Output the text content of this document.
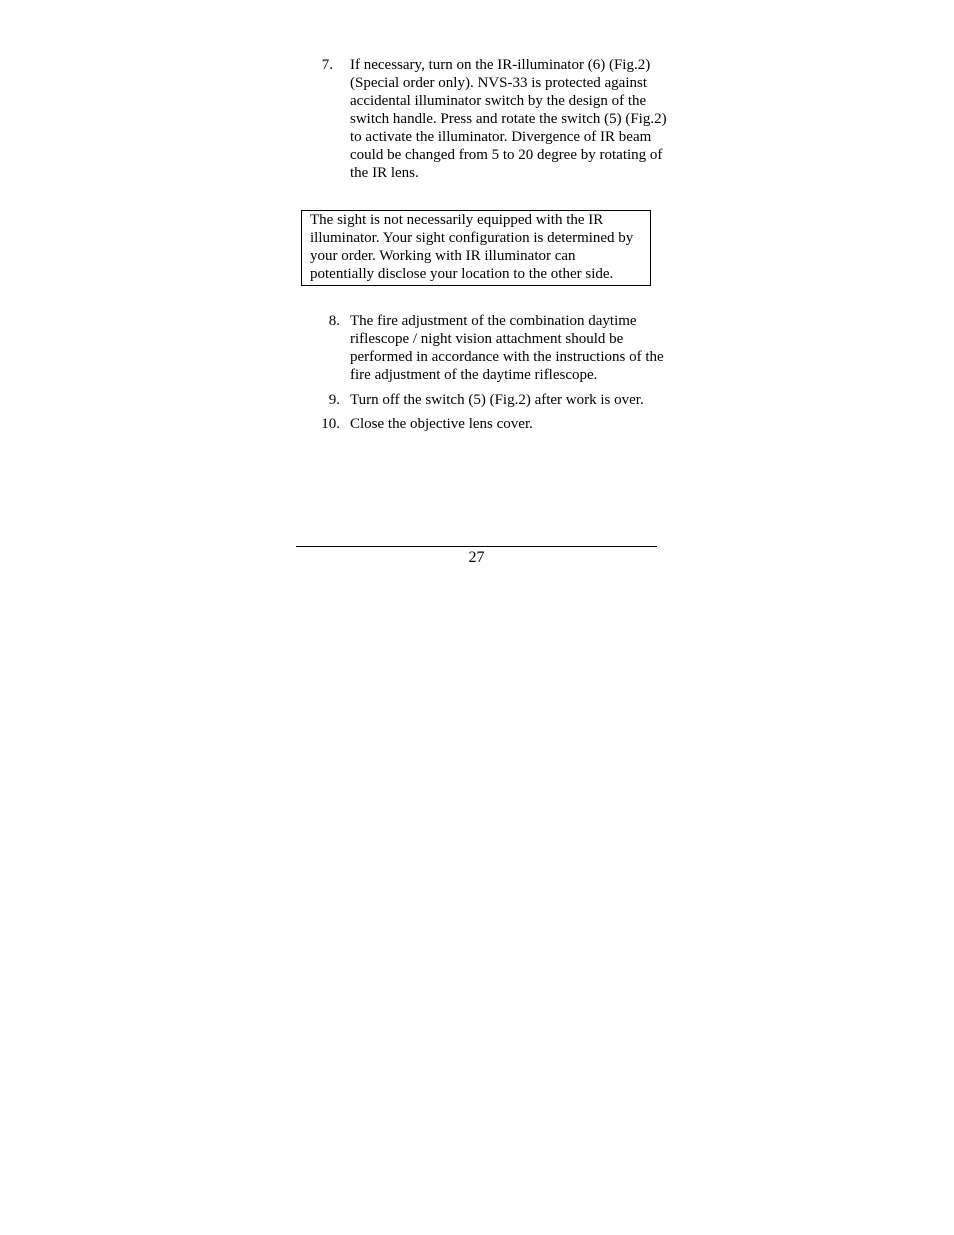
7. If necessary, turn on the IR-illuminator (6) (Fig.2) (Special order only). NVS-33 is protected against accidental illuminator switch by the design of the switch handle. Press and rotate the switch (5) (Fig.2) to activate the illuminator. Divergence of IR beam could be changed from 5 to 20 degree by rotating of the IR lens.
The sight is not necessarily equipped with the IR illuminator. Your sight configuration is determined by your order. Working with IR illuminator can potentially disclose your location to the other side.
8. The fire adjustment of the combination daytime riflescope / night vision attachment should be performed in accordance with the instructions of the fire adjustment of the daytime riflescope.
9. Turn off the switch (5) (Fig.2) after work is over.
10. Close the objective lens cover.
27
